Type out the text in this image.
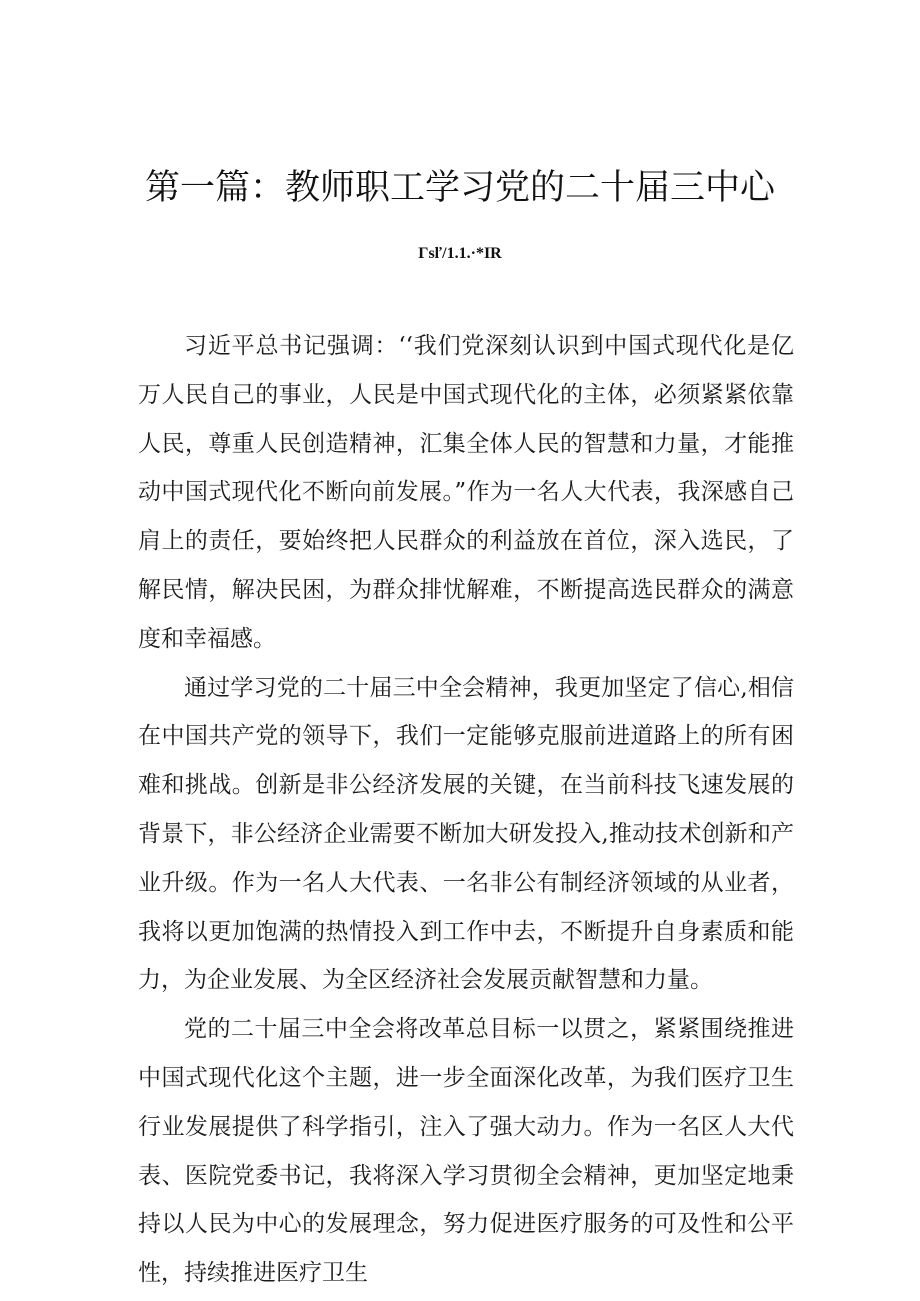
第一篇：教师职工学习党的二十届三中心
Γsľ/1.1.·*IR

习近平总书记强调：‘‘我们党深刻认识到中国式现代化是亿万人民自己的事业，人民是中国式现代化的主体，必须紧紧依靠人民，尊重人民创造精神，汇集全体人民的智慧和力量，才能推动中国式现代化不断向前发展。”作为一名人大代表，我深感自己肩上的责任，要始终把人民群众的利益放在首位，深入选民，了解民情，解决民困，为群众排忧解难，不断提高选民群众的满意度和幸福感。

通过学习党的二十届三中全会精神，我更加坚定了信心,相信在中国共产党的领导下，我们一定能够克服前进道路上的所有困难和挑战。创新是非公经济发展的关键，在当前科技飞速发展的背景下，非公经济企业需要不断加大研发投入,推动技术创新和产业升级。作为一名人大代表、一名非公有制经济领域的从业者，我将以更加饱满的热情投入到工作中去，不断提升自身素质和能力，为企业发展、为全区经济社会发展贡献智慧和力量。

党的二十届三中全会将改革总目标一以贯之，紧紧围绕推进中国式现代化这个主题，进一步全面深化改革，为我们医疗卫生行业发展提供了科学指引，注入了强大动力。作为一名区人大代表、医院党委书记，我将深入学习贯彻全会精神，更加坚定地秉持以人民为中心的发展理念，努力促进医疗服务的可及性和公平性，持续推进医疗卫生
